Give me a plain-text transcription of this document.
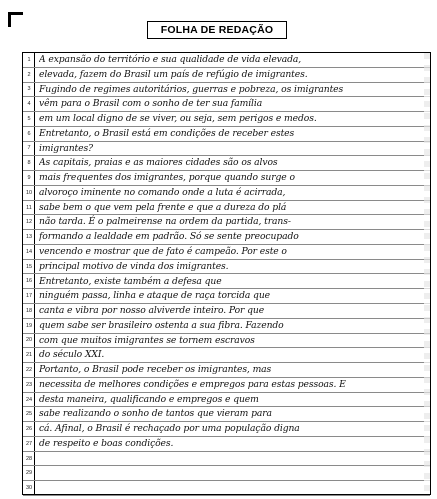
FOLHA DE REDAÇÃO
1 A expansão do território e sua qualidade de vida elevada,
2 elevada, fazem do Brasil um país de refúgio de imigrantes.
3 Fugindo de regimes autoritários, guerras e pobreza, os imigrantes
4 vêm para o Brasil com o sonho de ter sua família
5 em um local digno de se viver, ou seja, sem perigos e medos.
6 Entretanto, o Brasil está em condições de receber estes
7 imigrantes?
8 As capitais, praias e as maiores cidades são os alvos
9 mais frequentes dos imigrantes, porque quando surge o
10 alvoroço iminente no comando onde a luta é acirrada,
11 sabe bem o que vem pela frente e que a dureza do plá
12 não tarda. É o palmeirense na ordem da partida, trans-
13 formando a lealdade em padrão. Só se sente preocupado
14 vencendo e mostrar que de fato é campeão. Por este o
15 principal motivo de vinda dos imigrantes.
16 Entretanto, existe também a defesa que
17 ninguém passa, linha e ataque de raça torcida que
18 canta e vibra por nosso alviverde inteiro. Por que
19 quem sabe ser brasileiro ostenta a sua fibra. Fazendo
20 com que muitos imigrantes se tornem escravos
21 do século XXI.
22 Portanto, o Brasil pode receber os imigrantes, mas
23 necessita de melhores condições e empregos para estas pessoas. E
24 desta maneira, qualificando e empregos e quem
25 sabe realizando o sonho de tantos que vieram para
26 cá. Afinal, o Brasil é rechaçado por uma população digna
27 de respeito e boas condições.
28
29
30
